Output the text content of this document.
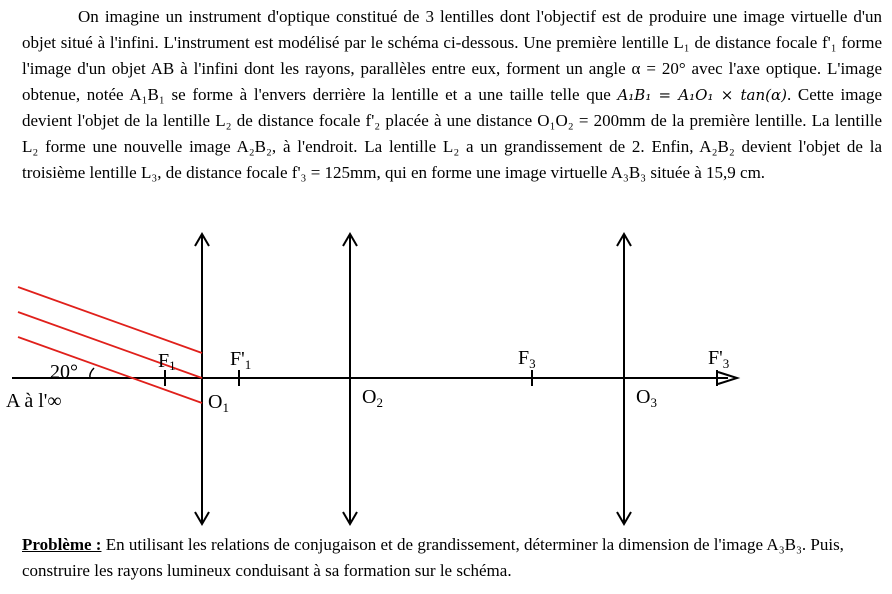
On imagine un instrument d'optique constitué de 3 lentilles dont l'objectif est de produire une image virtuelle d'un objet situé à l'infini. L'instrument est modélisé par le schéma ci-dessous. Une première lentille L₁ de distance focale f'₁ forme l'image d'un objet AB à l'infini dont les rayons, parallèles entre eux, forment un angle α = 20° avec l'axe optique. L'image obtenue, notée A₁B₁ se forme à l'envers derrière la lentille et a une taille telle que A₁B₁ = A₁O₁ × tan(α). Cette image devient l'objet de la lentille L₂ de distance focale f'₂ placée à une distance O₁O₂ = 200mm de la première lentille. La lentille L₂ forme une nouvelle image A₂B₂, à l'endroit. La lentille L₂ a un grandissement de 2. Enfin, A₂B₂ devient l'objet de la troisième lentille L₃, de distance focale f'₃ = 125mm, qui en forme une image virtuelle A₃B₃ située à 15,9 cm.

20°
A à l'∞
F1	$F'_1$
$O_1$	$O_2$
$F_3$	$F'_3$
$O_3$

Problème : En utilisant les relations de conjugaison et de grandissement, déterminer la dimension de l'image A₃B₃. Puis, construire les rayons lumineux conduisant à sa formation sur le schéma.
